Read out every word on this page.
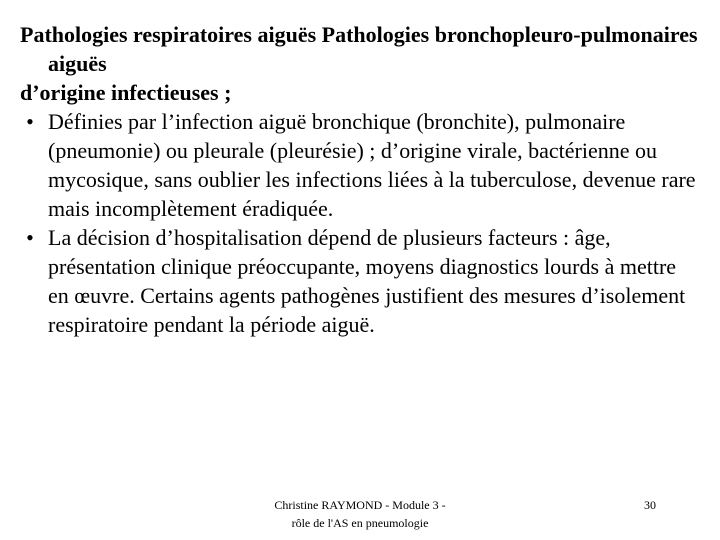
Pathologies respiratoires aiguës Pathologies bronchopleuro-pulmonaires aiguës

d’origine infectieuses ;

• Définies par l’infection aiguë bronchique (bronchite), pulmonaire (pneumonie) ou pleurale (pleurésie) ; d’origine virale, bactérienne ou mycosique, sans oublier les infections liées à la tuberculose, devenue rare mais incomplètement éradiquée.
• La décision d’hospitalisation dépend de plusieurs facteurs : âge, présentation clinique préoccupante, moyens diagnostics lourds à mettre en œuvre. Certains agents pathogènes justifient des mesures d’isolement respiratoire pendant la période aiguë.
Christine RAYMOND - Module 3 -
rôle de l'AS en pneumologie
30
